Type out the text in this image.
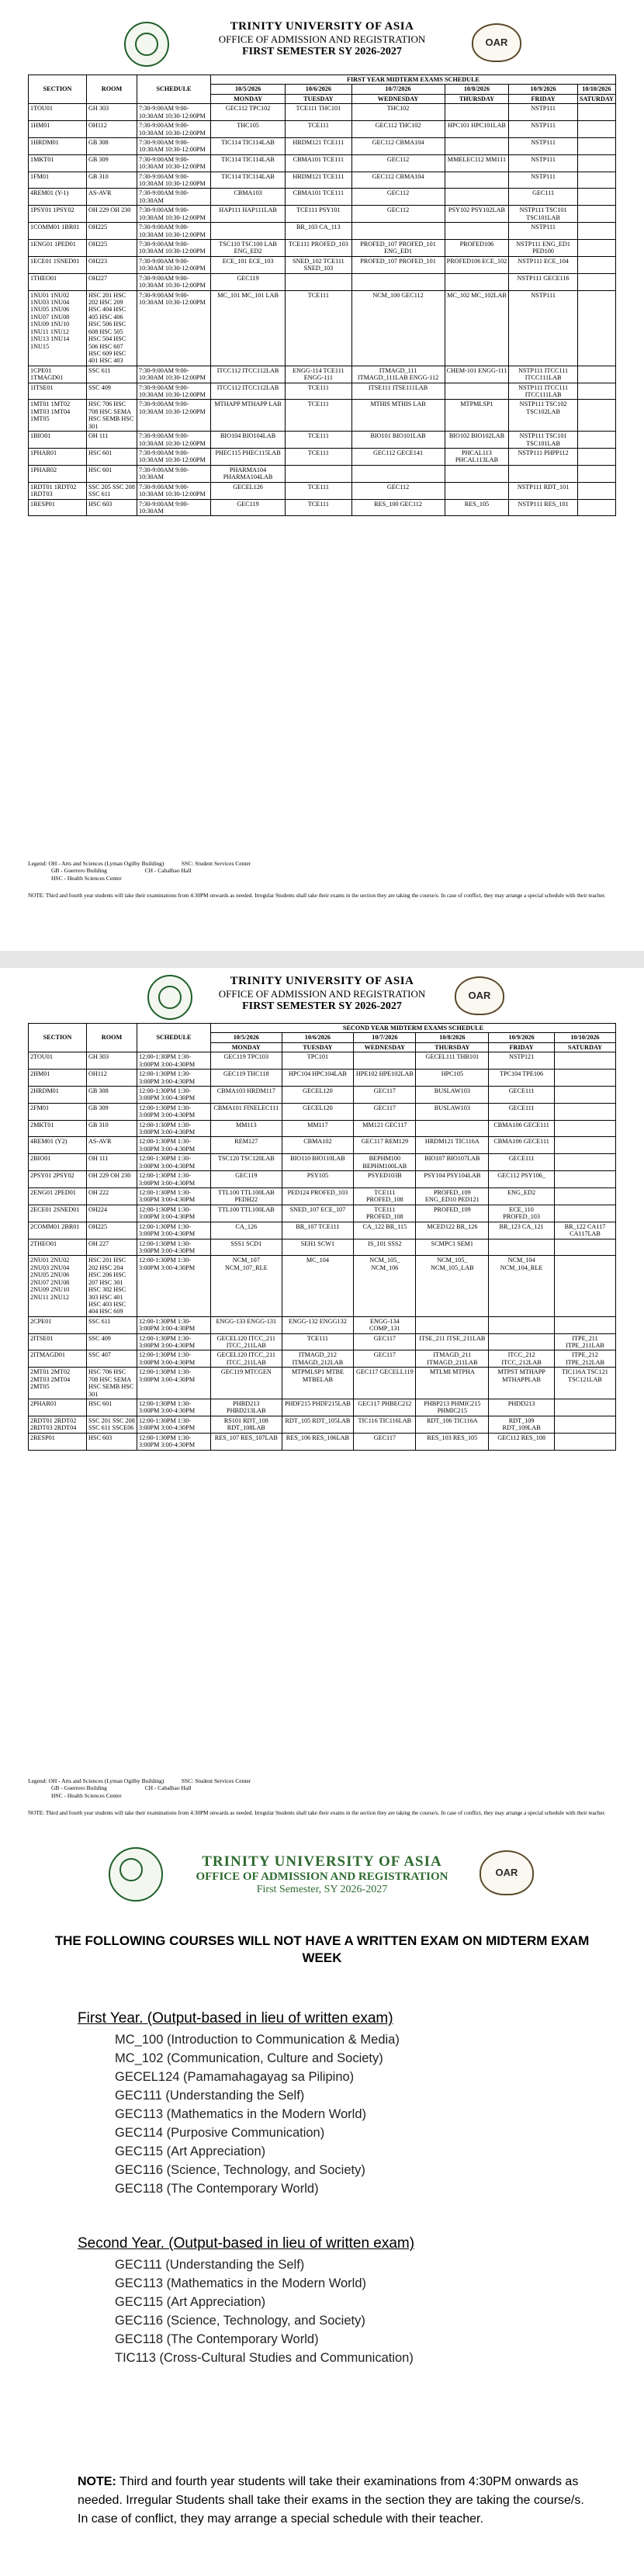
OAR
TRINITY UNIVERSITY OF ASIA
OFFICE OF ADMISSION AND REGISTRATION
FIRST SEMESTER SY 2026-2027
SECTION	ROOM	SCHEDULE	FIRST YEAR MIDTERM EXAMS SCHEDULE					
			10/5/2026	10/6/2026	10/7/2026	10/8/2026	10/9/2026	10/10/2026
			MONDAY	TUESDAY	WEDNESDAY	THURSDAY	FRIDAY	SATURDAY
1TOU01	GH 303	7:30-9:00AM 9:00-10:30AM 10:30-12:00PM	GEC112 TPC102	TCE111 THC101	THC102		NSTP111	
1HM01	OH112	7:30-9:00AM 9:00-10:30AM 10:30-12:00PM	THC105	TCE111	GEC112 THC102	HPC101 HPC101LAB	NSTP111	
1HRDM01	GB 308	7:30-9:00AM 9:00-10:30AM 10:30-12:00PM	TIC114 TIC114LAB	HRDM121 TCE111	GEC112 CBMA104		NSTP111	
1MKT01	GB 309	7:30-9:00AM 9:00-10:30AM 10:30-12:00PM	TIC114 TIC114LAB	CBMA101 TCE111	GEC112	MMELEC112 MM111	NSTP111	
1FM01	GB 310	7:30-9:00AM 9:00-10:30AM 10:30-12:00PM	TIC114 TIC114LAB	HRDM121 TCE111	GEC112 CBMA104		NSTP111	
4REM01 (Y-1)	AS-AVR	7:30-9:00AM 9:00-10:30AM	CBMA103	CBMA101 TCE111	GEC112		GEC111	
1PSY01 1PSY02	OH 229 OH 230	7:30-9:00AM 9:00-10:30AM 10:30-12:00PM	HAP111 HAP111LAB	TCE111 PSY101	GEC112	PSY102 PSY102LAB	NSTP111 TSC101 TSC101LAB	
1COMM01 1BR01	OH225	7:30-9:00AM 9:00-10:30AM 10:30-12:00PM		BR_103 CA_113			NSTP111	
1ENG01 1PED01	OH225	7:30-9:00AM 9:00-10:30AM 10:30-12:00PM	TSC110 TSC100 LAB ENG_ED2	TCE111 PROFED_103	PROFED_107 PROFED_101 ENG_ED1	PROFED106	NSTP111 ENG_ED1 PED100	
1ECE01 1SNED01	OH223	7:30-9:00AM 9:00-10:30AM 10:30-12:00PM	ECE_101 ECE_103	SNED_102 TCE111 SNED_103	PROFED_107 PROFED_101	PROFED106 ECE_102	NSTP111 ECE_104	
1THEO01	OH227	7:30-9:00AM 9:00-10:30AM 10:30-12:00PM	GEC119				NSTP111 GECE116	
1NU01 1NU02 1NU03 1NU04 1NU05 1NU06 1NU07 1NU08 1NU09 1NU10 1NU11 1NU12 1NU13 1NU14 1NU15	HSC 201 HSC 202 HSC 209 HSC 404 HSC 405 HSC 406 HSC 506 HSC 608 HSC 505 HSC 504 HSC 506 HSC 607 HSC 609 HSC 401 HSC 403	7:30-9:00AM 9:00-10:30AM 10:30-12:00PM	MC_101 MC_101 LAB	TCE111	NCM_100 GEC112	MC_102 MC_102LAB	NSTP111	
1CPE01 1TMAGD01	SSC 611	7:30-9:00AM 9:00-10:30AM 10:30-12:00PM	ITCC112 ITCC112LAB	ENGG-114 TCE111 ENGG-111	ITMAGD_111 ITMAGD_111LAB ENGG-112	CHEM-101 ENGG-111	NSTP111 ITCC111 ITCC111LAB	
1ITSE01	SSC 409	7:30-9:00AM 9:00-10:30AM 10:30-12:00PM	ITCC112 ITCC112LAB	TCE111	ITSE111 ITSE111LAB		NSTP111 ITCC111 ITCC111LAB	
1MT01 1MT02 1MT03 1MT04 1MT05	HSC 706 HSC 708 HSC SEMA HSC SEMB HSC 301	7:30-9:00AM 9:00-10:30AM 10:30-12:00PM	MTHAPP MTHAPP LAB	TCE111	MTHIS MTHIS LAB	MTPMLSP1	NSTP111 TSC102 TSC102LAB	
1BIO01	OH 111	7:30-9:00AM 9:00-10:30AM 10:30-12:00PM	BIO104 BIO104LAB	TCE111	BIO101 BIO101LAB	BIO102 BIO102LAB	NSTP111 TSC101 TSC101LAB	
1PHAR01	HSC 601	7:30-9:00AM 9:00-10:30AM 10:30-12:00PM	PHEC115 PHEC115LAB	TCE111	GEC112 GECE141	PHCAL113 PHCAL113LAB	NSTP111 PHPP112	
1PHAR02	HSC 601	7:30-9:00AM 9:00-10:30AM	PHARMA104 PHARMA104LAB					
1RDT01 1RDT02 1RDT03	SSC 205 SSC 208 SSC 611	7:30-9:00AM 9:00-10:30AM 10:30-12:00PM	GECEL126	TCE111	GEC112		NSTP111 RDT_101	
1RESP01	HSC 603	7:30-9:00AM 9:00-10:30AM	GEC119	TCE111	RES_100 GEC112	RES_105	NSTP111 RES_101	
Legend: OH - Arts and Sciences (Lyman Ogilby Building)	SSC: Student Services Center
GB - Guerrero Building	CH - Cabalhao Hall
HSC - Health Sciences Center
NOTE: Third and fourth year students will take their examinations from 4:30PM onwards as needed. Irregular Students shall take their exams in the section they are taking the course/s. In case of conflict, they may arrange a special schedule with their teacher.
OAR
TRINITY UNIVERSITY OF ASIA
OFFICE OF ADMISSION AND REGISTRATION
FIRST SEMESTER SY 2026-2027
SECTION	ROOM	SCHEDULE	SECOND YEAR MIDTERM EXAMS SCHEDULE					
			10/5/2026	10/6/2026	10/7/2026	10/8/2026	10/9/2026	10/10/2026
			MONDAY	TUESDAY	WEDNESDAY	THURSDAY	FRIDAY	SATURDAY
2TOU01	GH 303	12:00-1:30PM 1:30-3:00PM 3:00-4:30PM	GEC119 TPC103	TPC101		GECEL111 THB101	NSTP121	
2HM01	OH112	12:00-1:30PM 1:30-3:00PM 3:00-4:30PM	GEC119 THC118	HPC104 HPC104LAB	HPE102 HPE102LAB	HPC105	TPC104 TPE106	
2HRDM01	GB 308	12:00-1:30PM 1:30-3:00PM 3:00-4:30PM	CBMA103 HRDM117	GECEL120	GEC117	BUSLAW103	GECE111	
2FM01	GB 309	12:00-1:30PM 1:30-3:00PM 3:00-4:30PM	CBMA101 FINELEC111	GECEL120	GEC117	BUSLAW103	GECE111	
2MKT01	GB 310	12:00-1:30PM 1:30-3:00PM 3:00-4:30PM	MM113	MM117	MM121 GEC117		CBMA106 GECE111	
4REM01 (Y2)	AS-AVR	12:00-1:30PM 1:30-3:00PM 3:00-4:30PM	REM127	CBMA102	GEC117 REM129	HRDM121 TIC116A	CBMA106 GECE111	
2BIO01	OH 111	12:00-1:30PM 1:30-3:00PM 3:00-4:30PM	TSC120 TSC120LAB	BIO110 BIO110LAB	BEPHM100 BEPHM100LAB	BIO107 BIO107LAB	GECE111	
2PSY01 2PSY02	OH 229 OH 230	12:00-1:30PM 1:30-3:00PM 3:00-4:30PM	GEC119	PSY105	PSYED103B	PSY104 PSY104LAB	GEC112 PSY106_	
2ENG01 2PED01	OH 222	12:00-1:30PM 1:30-3:00PM 3:00-4:30PM	TTL100 TTL100LAB PEDH22	PED124 PROFED_103	TCE111 PROFED_108	PROFED_109 ENG_ED10 PED121	ENG_ED2	
2ECE01 2SNED01	OH224	12:00-1:30PM 1:30-3:00PM 3:00-4:30PM	TTL100 TTL100LAB	SNED_107 ECE_107	TCE111 PROFED_108	PROFED_109	ECE_110 PROFED_103	
2COMM01 2BR01	OH225	12:00-1:30PM 1:30-3:00PM 3:00-4:30PM	CA_126	BR_107 TCE111	CA_122 BR_115	MCED122 BR_126	BR_123 CA_121	BR_122 CA117 CA117LAB
2THEO01	OH 227	12:00-1:30PM 1:30-3:00PM 3:00-4:30PM	SSS1 SCD1	SEH1 SCW1	IS_101 SSS2	SCMPC1 SEM1		
2NU01 2NU02 2NU03 2NU04 2NU05 2NU06 2NU07 2NU08 2NU09 2NU10 2NU11 2NU12	HSC 201 HSC 202 HSC 204 HSC 206 HSC 207 HSC 301 HSC 302 HSC 303 HSC 401 HSC 403 HSC 404 HSC 609	12:00-1:30PM 1:30-3:00PM 3:00-4:30PM	NCM_107 NCM_107_RLE	MC_104	NCM_105_ NCM_106	NCM_105_ NCM_105_LAB	NCM_104 NCM_104_RLE	
2CPE01	SSC 611	12:00-1:30PM 1:30-3:00PM 3:00-4:30PM	ENGG-133 ENGG-131	ENGG-132 ENGG132	ENGG-134 COMP_131			
2ITSE01	SSC 409	12:00-1:30PM 1:30-3:00PM 3:00-4:30PM	GECEL120 ITCC_211 ITCC_211LAB	TCE111	GEC117	ITSE_211 ITSE_211LAB		ITPE_211 ITPE_211LAB
2ITMAGD01	SSC 407	12:00-1:30PM 1:30-3:00PM 3:00-4:30PM	GECEL120 ITCC_211 ITCC_211LAB	ITMAGD_212 ITMAGD_212LAB	GEC117	ITMAGD_211 ITMAGD_211LAB	ITCC_212 ITCC_212LAB	ITPE_212 ITPE_212LAB
2MT01 2MT02 2MT03 2MT04 2MT05	HSC 706 HSC 708 HSC SEMA HSC SEMB HSC 301	12:00-1:30PM 1:30-3:00PM 3:00-4:30PM	GEC119 MTCGEN	MTPMLSP1 MTBE MTBELAB	GEC117 GECELL119	MTLMI MTPHA	MTPST MTHAPP MTHAPPLAB	TIC116A TSC121 TSC121LAB
2PHAR01	HSC 601	12:00-1:30PM 1:30-3:00PM 3:00-4:30PM	PHBD213 PHBD213LAB	PHDF215 PHDF215LAB	GEC117 PHBEC212	PHBP213 PHMIC215 PHMIC215	PHDD213	
2RDT01 2RDT02 2RDT03 2RDT04	SSC 201 SSC 208 SSC 611 SSCE06	12:00-1:30PM 1:30-3:00PM 3:00-4:30PM	RS101 RDT_108 RDT_108LAB	RDT_105 RDT_105LAB	TIC116 TIC116LAB	RDT_106 TIC116A	RDT_109 RDT_109LAB	
2RESP01	HSC 603	12:00-1:30PM 1:30-3:00PM 3:00-4:30PM	RES_107 RES_107LAB	RES_106 RES_106LAB	GEC117	RES_103 RES_105	GEC112 RES_108	
Legend: OH - Arts and Sciences (Lyman Ogilby Building)	SSC: Student Services Center
GB - Guerrero Building	CH - Cabalhao Hall
HSC - Health Sciences Center
NOTE: Third and fourth year students will take their examinations from 4:30PM onwards as needed. Irregular Students shall take their exams in the section they are taking the course/s. In case of conflict, they may arrange a special schedule with their teacher.
OAR
TRINITY UNIVERSITY OF ASIA
OFFICE OF ADMISSION AND REGISTRATION
First Semester, SY 2026-2027
THE FOLLOWING COURSES WILL NOT HAVE A WRITTEN EXAM ON MIDTERM EXAM WEEK
First Year. (Output-based in lieu of written exam)
MC_100 (Introduction to Communication & Media)
MC_102 (Communication, Culture and Society)
GECEL124 (Pamamahagayag sa Pilipino)
GEC111 (Understanding the Self)
GEC113 (Mathematics in the Modern World)
GEC114 (Purposive Communication)
GEC115 (Art Appreciation)
GEC116 (Science, Technology, and Society)
GEC118 (The Contemporary World)
Second Year. (Output-based in lieu of written exam)
GEC111 (Understanding the Self)
GEC113 (Mathematics in the Modern World)
GEC115 (Art Appreciation)
GEC116 (Science, Technology, and Society)
GEC118 (The Contemporary World)
TIC113 (Cross-Cultural Studies and Communication)
NOTE: Third and fourth year students will take their examinations from 4:30PM onwards as needed. Irregular Students shall take their exams in the section they are taking the course/s. In case of conflict, they may arrange a special schedule with their teacher.
